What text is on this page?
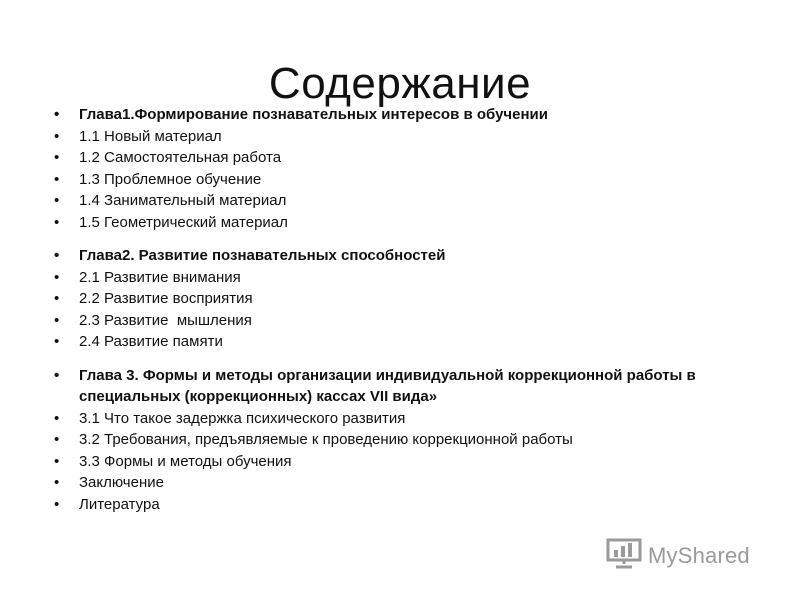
Содержание
• Глава1.Формирование познавательных интересов в обучении
• 1.1 Новый материал
• 1.2 Самостоятельная работа
• 1.3 Проблемное обучение
• 1.4 Занимательный материал
• 1.5 Геометрический материал
• Глава2. Развитие познавательных способностей
• 2.1 Развитие внимания
• 2.2 Развитие восприятия
• 2.3 Развитие  мышления
• 2.4 Развитие памяти
• Глава 3. Формы и методы организации индивидуальной коррекционной работы в специальных (коррекционных) кассах VII вида»
• 3.1 Что такое задержка психического развития
• 3.2 Требования, предъявляемые к проведению коррекционной работы
• 3.3 Формы и методы обучения
• Заключение
• Литература
MyShared
